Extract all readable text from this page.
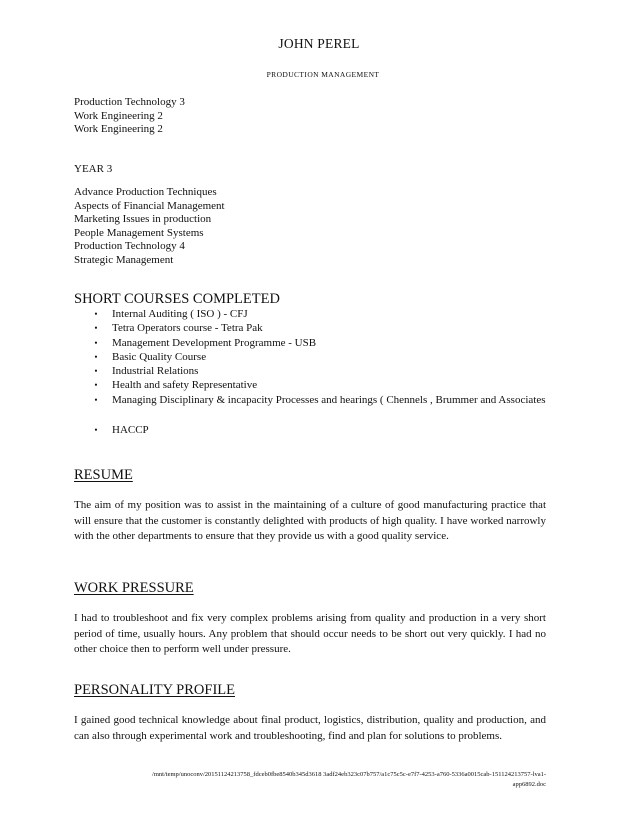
JOHN PEREL
PRODUCTION MANAGEMENT
Production Technology 3
Work Engineering 2
Work Engineering 2
YEAR 3
Advance Production Techniques
Aspects of Financial Management
Marketing Issues in production
People Management Systems
Production Technology 4
Strategic Management
SHORT COURSES COMPLETED
•	Internal Auditing ( ISO ) - CFJ
•	Tetra Operators course - Tetra Pak
•	Management Development Programme - USB
•	Basic Quality Course
•	Industrial Relations
•	Health and safety Representative
•	Managing Disciplinary & incapacity Processes and hearings ( Chennels , Brummer and Associates
•	HACCP
RESUME
The aim of my position was to assist in the maintaining of a culture of good manufacturing practice that will ensure that the customer is constantly delighted with products of high quality. I have worked narrowly with the other departments to ensure that they provide us with a good quality service.
WORK PRESSURE
I had to troubleshoot and fix very complex problems arising from quality and production in a very short period of time, usually hours. Any problem that should occur needs to be short out very quickly. I had no other choice then to perform well under pressure.
PERSONALITY PROFILE
I gained good technical knowledge about final product, logistics, distribution, quality and production, and can also through experimental work and troubleshooting, find and plan for solutions to problems.
/mnt/temp/unoconv/20151124213758_fdceb0fbe8540b345d3618 3adf24eb323c07b757/a1c75c5c-e7f7-4253-a760-5336a0015cab-151124213757-lva1-
app6892.doc
